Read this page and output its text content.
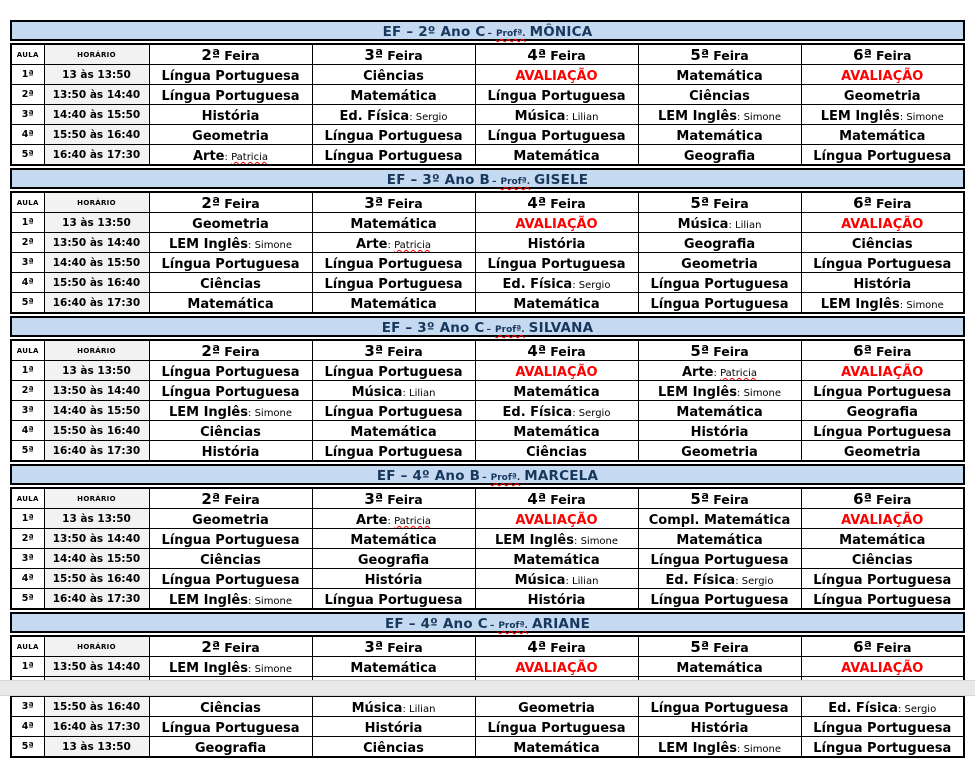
EF – 2º Ano C – Profª. MÔNICA
AULA	HORÁRIO	2ª Feira	3ª Feira	4ª Feira	5ª Feira	6ª Feira
1ª	13 às 13:50	Língua Portuguesa	Ciências	AVALIAÇÃO	Matemática	AVALIAÇÃO
2ª	13:50 às 14:40	Língua Portuguesa	Matemática	Língua Portuguesa	Ciências	Geometria
3ª	14:40 às 15:50	História	Ed. Física: Sergio	Música: Lilian	LEM Inglês: Simone	LEM Inglês: Simone
4ª	15:50 às 16:40	Geometria	Língua Portuguesa	Língua Portuguesa	Matemática	Matemática
5ª	16:40 às 17:30	Arte: Patricia	Língua Portuguesa	Matemática	Geografia	Língua Portuguesa
EF – 3º Ano B – Profª. GISELE
AULA	HORÁRIO	2ª Feira	3ª Feira	4ª Feira	5ª Feira	6ª Feira
1ª	13 às 13:50	Geometria	Matemática	AVALIAÇÃO	Música: Lilian	AVALIAÇÃO
2ª	13:50 às 14:40	LEM Inglês: Simone	Arte: Patricia	História	Geografia	Ciências
3ª	14:40 às 15:50	Língua Portuguesa	Língua Portuguesa	Língua Portuguesa	Geometria	Língua Portuguesa
4ª	15:50 às 16:40	Ciências	Língua Portuguesa	Ed. Física: Sergio	Língua Portuguesa	História
5ª	16:40 às 17:30	Matemática	Matemática	Matemática	Língua Portuguesa	LEM Inglês: Simone
EF – 3º Ano C – Profª. SILVANA
AULA	HORÁRIO	2ª Feira	3ª Feira	4ª Feira	5ª Feira	6ª Feira
1ª	13 às 13:50	Língua Portuguesa	Língua Portuguesa	AVALIAÇÃO	Arte: Patricia	AVALIAÇÃO
2ª	13:50 às 14:40	Língua Portuguesa	Música: Lilian	Matemática	LEM Inglês: Simone	Língua Portuguesa
3ª	14:40 às 15:50	LEM Inglês: Simone	Língua Portuguesa	Ed. Física: Sergio	Matemática	Geografia
4ª	15:50 às 16:40	Ciências	Matemática	Matemática	História	Língua Portuguesa
5ª	16:40 às 17:30	História	Língua Portuguesa	Ciências	Geometria	Geometria
EF – 4º Ano B – Profª. MARCELA
AULA	HORÁRIO	2ª Feira	3ª Feira	4ª Feira	5ª Feira	6ª Feira
1ª	13 às 13:50	Geometria	Arte: Patricia	AVALIAÇÃO	Compl. Matemática	AVALIAÇÃO
2ª	13:50 às 14:40	Língua Portuguesa	Matemática	LEM Inglês: Simone	Matemática	Matemática
3ª	14:40 às 15:50	Ciências	Geografia	Matemática	Língua Portuguesa	Ciências
4ª	15:50 às 16:40	Língua Portuguesa	História	Música: Lilian	Ed. Física: Sergio	Língua Portuguesa
5ª	16:40 às 17:30	LEM Inglês: Simone	Língua Portuguesa	História	Língua Portuguesa	Língua Portuguesa
EF – 4º Ano C – Profª. ARIANE
AULA	HORÁRIO	2ª Feira	3ª Feira	4ª Feira	5ª Feira	6ª Feira
1ª	13:50 às 14:40	LEM Inglês: Simone	Matemática	AVALIAÇÃO	Matemática	AVALIAÇÃO

3ª	15:50 às 16:40	Ciências	Música: Lilian	Geometria	Língua Portuguesa	Ed. Física: Sergio
4ª	16:40 às 17:30	Língua Portuguesa	História	Língua Portuguesa	História	Língua Portuguesa
5ª	13 às 13:50	Geografia	Ciências	Matemática	LEM Inglês: Simone	Língua Portuguesa
